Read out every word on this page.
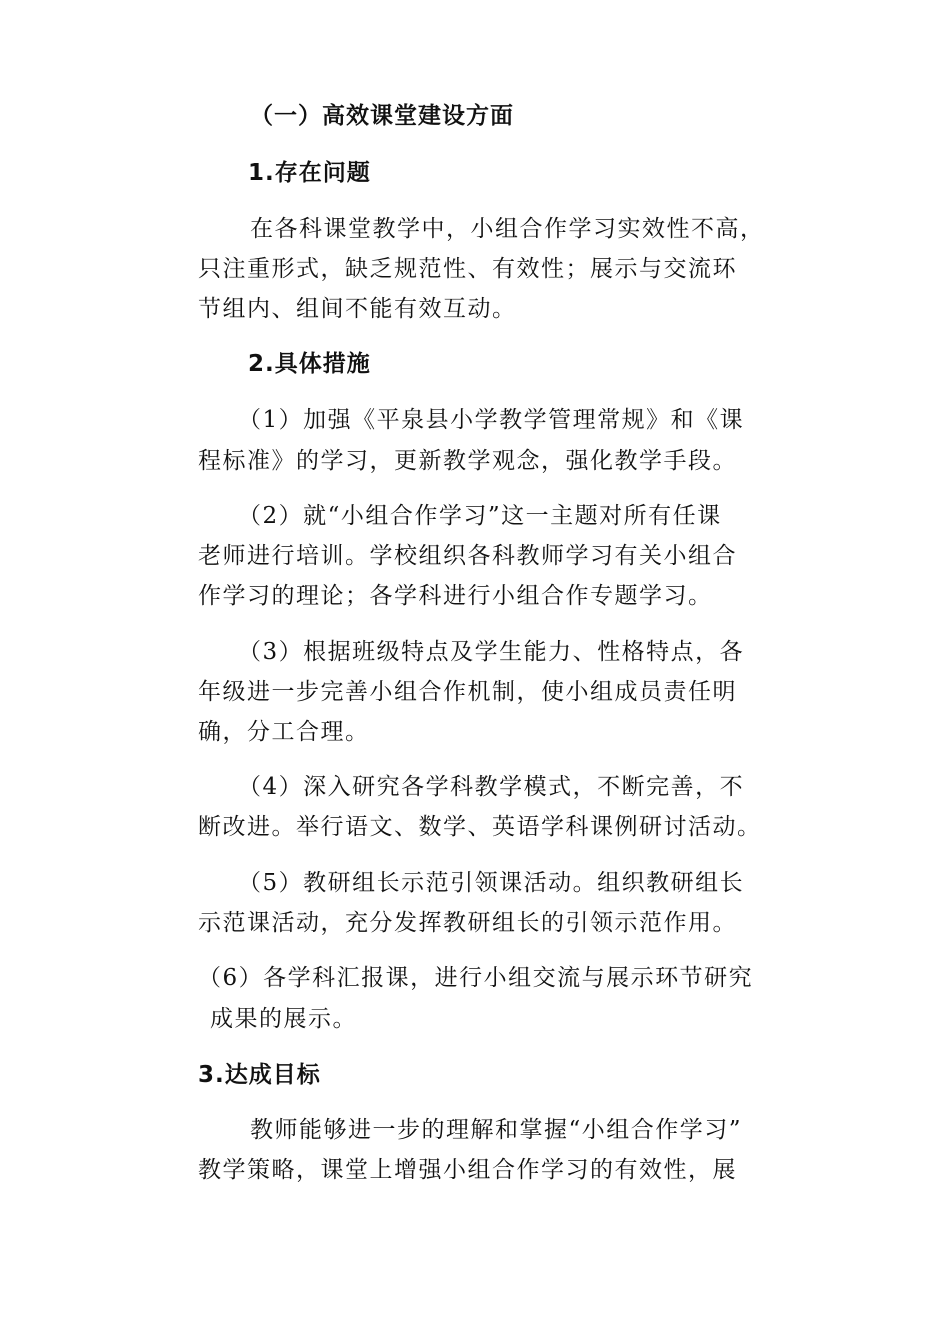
（一）高效课堂建设方面
1.存在问题
在各科课堂教学中，小组合作学习实效性不高，
只注重形式，缺乏规范性、有效性；展示与交流环
节组内、组间不能有效互动。
2.具体措施
（1）加强《平泉县小学教学管理常规》和《课
程标准》的学习，更新教学观念，强化教学手段。
（2）就“小组合作学习”这一主题对所有任课
老师进行培训。学校组织各科教师学习有关小组合
作学习的理论；各学科进行小组合作专题学习。
（3）根据班级特点及学生能力、性格特点，各
年级进一步完善小组合作机制，使小组成员责任明
确，分工合理。
（4）深入研究各学科教学模式，不断完善，不
断改进。举行语文、数学、英语学科课例研讨活动。
（5）教研组长示范引领课活动。组织教研组长
示范课活动，充分发挥教研组长的引领示范作用。
（6）各学科汇报课，进行小组交流与展示环节研究
成果的展示。
3.达成目标
教师能够进一步的理解和掌握“小组合作学习”
教学策略，课堂上增强小组合作学习的有效性，展
